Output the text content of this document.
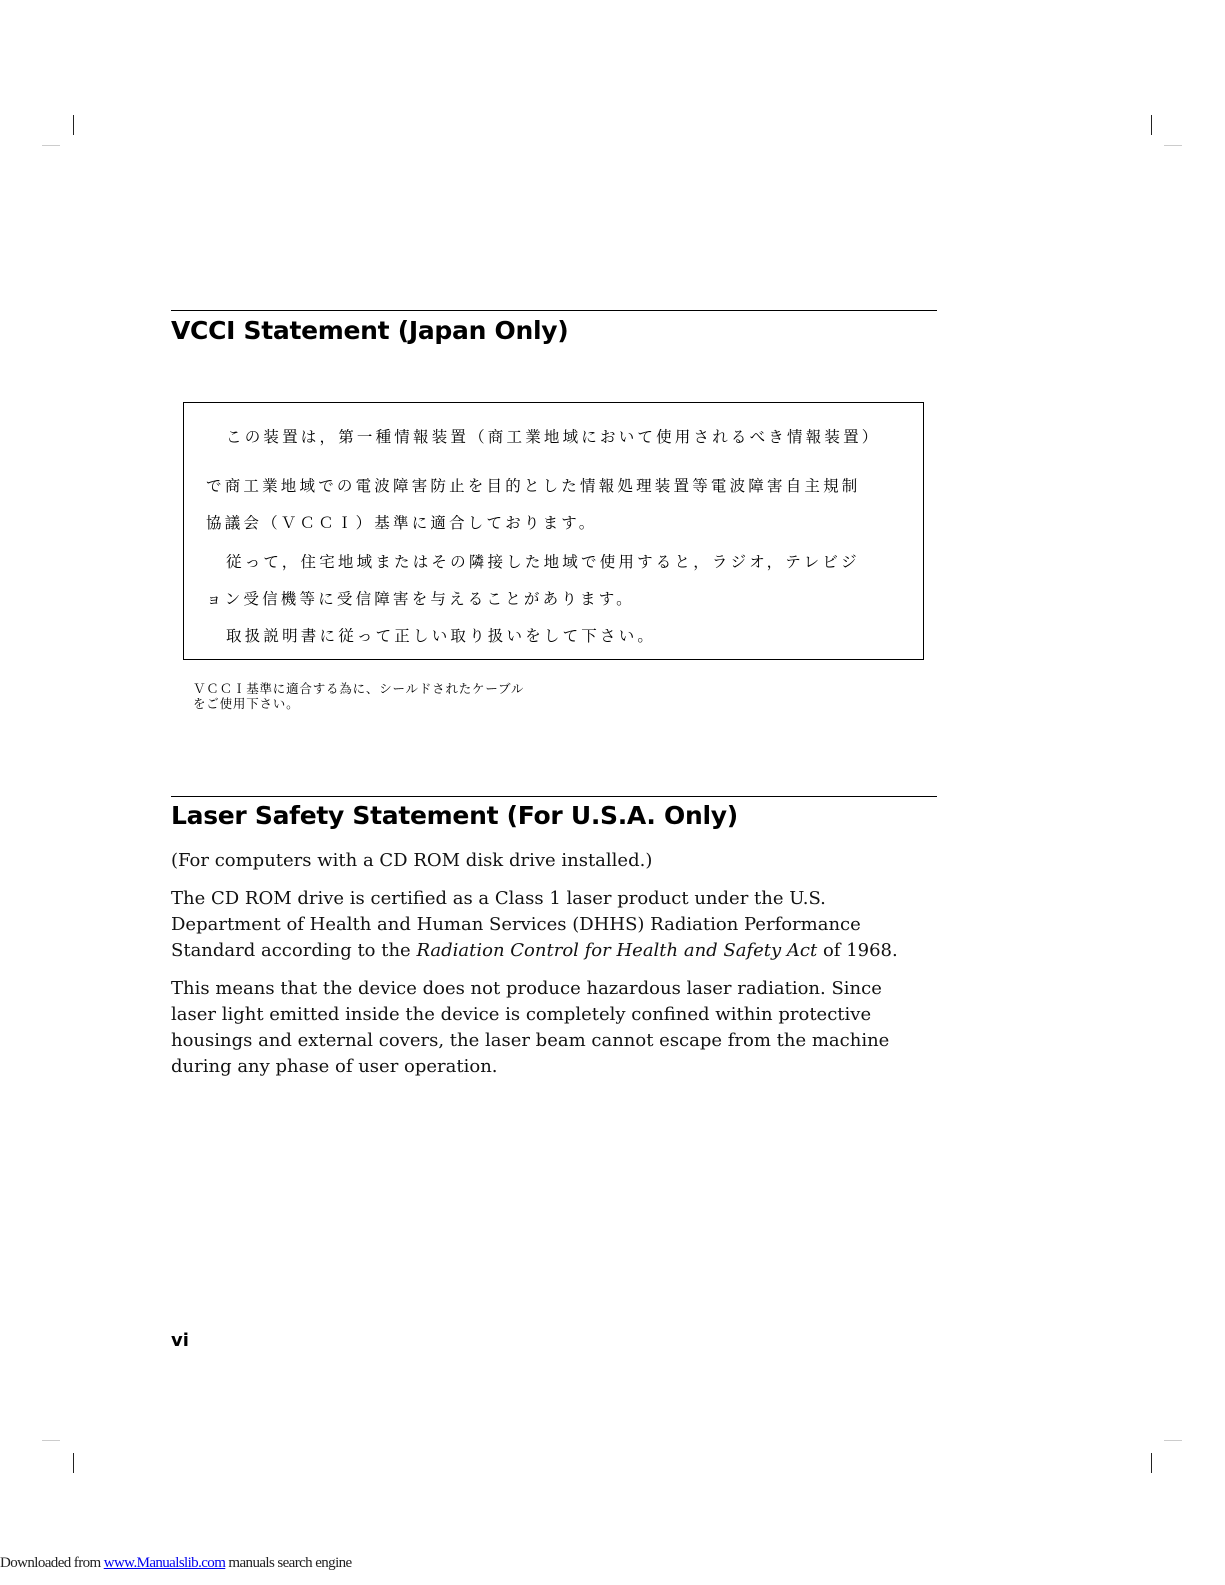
VCCI Statement (Japan Only)

この装置は，第一種情報装置（商工業地域において使用されるべき情報装置）

で商工業地域での電波障害防止を目的とした情報処理装置等電波障害自主規制

協議会（ＶＣＣＩ）基準に適合しております。

従って，住宅地域またはその隣接した地域で使用すると，ラジオ，テレビジ

ョン受信機等に受信障害を与えることがあります。

取扱説明書に従って正しい取り扱いをして下さい。

ＶＣＣＩ基準に適合する為に、シールドされたケーブル
をご使用下さい。
Laser Safety Statement (For U.S.A. Only)

(For computers with a CD ROM disk drive installed.)

The CD ROM drive is certified as a Class 1 laser product under the U.S.
Department of Health and Human Services (DHHS) Radiation Performance
Standard according to the Radiation Control for Health and Safety Act of 1968.

This means that the device does not produce hazardous laser radiation. Since
laser light emitted inside the device is completely confined within protective
housings and external covers, the laser beam cannot escape from the machine
during any phase of user operation.

vi

Downloaded from www.Manualslib.com manuals search engine
